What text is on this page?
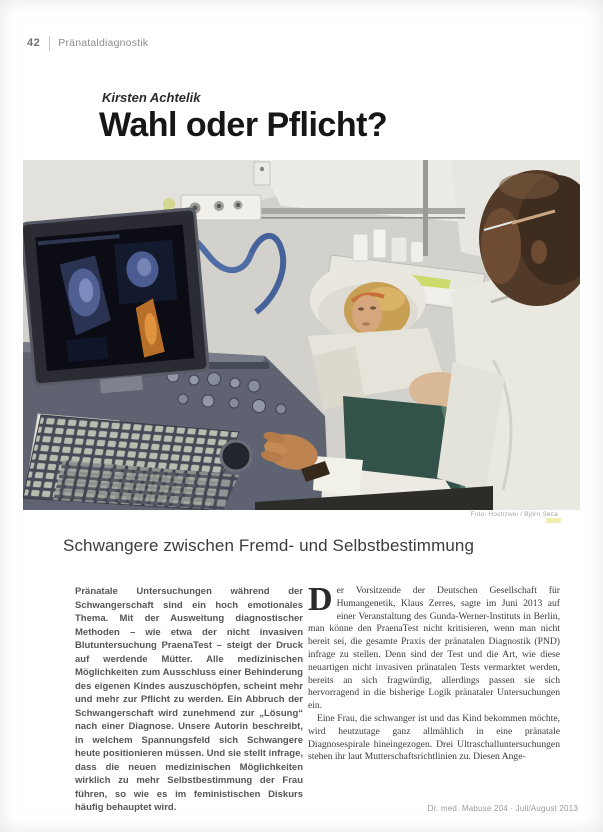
42 Pränataldiagnostik
Kirsten Achtelik
Wahl oder Pflicht?
Foto: Hochzwei / Björn Seca
Schwangere zwischen Fremd- und Selbstbestimmung
Pränatale Untersuchungen während der Schwangerschaft sind ein hoch emotionales Thema. Mit der Ausweitung diagnostischer Methoden – wie etwa der nicht invasiven Blutuntersuchung PraenaTest – steigt der Druck auf werdende Mütter. Alle medizinischen Möglichkeiten zum Ausschluss einer Behinderung des eigenen Kindes auszuschöpfen, scheint mehr und mehr zur Pflicht zu werden. Ein Abbruch der Schwangerschaft wird zunehmend zur „Lösung“ nach einer Diagnose. Unsere Autorin beschreibt, in welchem Spannungsfeld sich Schwangere heute positionieren müssen. Und sie stellt infrage, dass die neuen medizinischen Möglichkeiten wirklich zu mehr Selbstbestimmung der Frau führen, so wie es im feministischen Diskurs häufig behauptet wird.

Der Vorsitzende der Deutschen Gesellschaft für Humangenetik, Klaus Zerres, sagte im Juni 2013 auf einer Veranstaltung des Gunda-Werner-Instituts in Berlin, man könne den PraenaTest nicht kritisieren, wenn man nicht bereit sei, die gesamte Praxis der pränatalen Diagnostik (PND) infrage zu stellen. Denn sind der Test und die Art, wie diese neuartigen nicht invasiven pränatalen Tests vermarktet werden, bereits an sich fragwürdig, allerdings passen sie sich hervorragend in die bisherige Logik pränataler Untersuchungen ein.

Eine Frau, die schwanger ist und das Kind bekommen möchte, wird heutzutage ganz allmählich in eine pränatale Diagnosespirale hineingezogen. Drei Ultraschalluntersuchungen stehen ihr laut Mutterschaftsrichtlinien zu. Diesen Ange-

Dr. med. Mabuse 204 · Juli/August 2013
